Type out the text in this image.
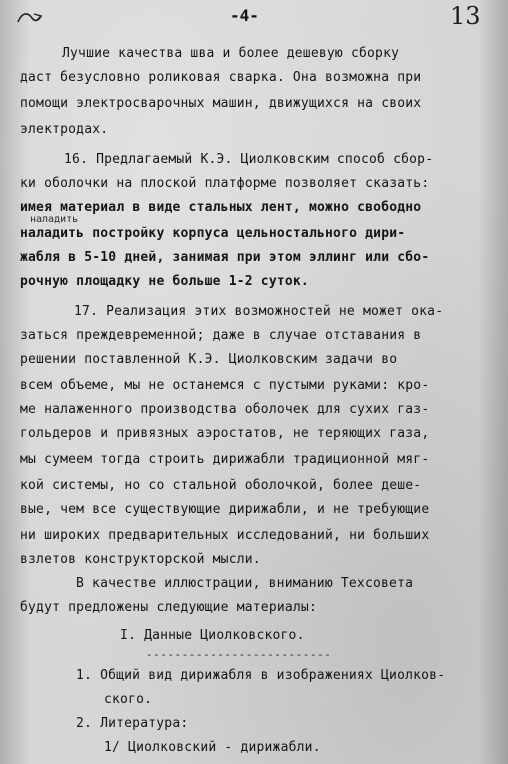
-4-	13
Лучшие качества шва и более дешевую сборку
даст безусловно роликовая сварка. Она возможна при
помощи электросварочных машин, движущихся на своих
электродах.
16. Предлагаемый К.Э. Циолковским способ сбор-
ки оболочки на плоской платформе позволяет сказать:
имея материал в виде стальных лент, можно свободно
наладить
наладить постройку корпуса цельностального дири-
жабля в 5-10 дней, занимая при этом эллинг или сбо-
рочную площадку не больше 1-2 суток.
17. Реализация этих возможностей не может ока-
заться преждевременной; даже в случае отставания в
решении поставленной К.Э. Циолковским задачи во
всем объеме, мы не останемся с пустыми руками: кро-
ме налаженного производства оболочек для сухих газ-
гольдеров и привязных аэростатов, не теряющих газа,
мы сумеем тогда строить дирижабли традиционной мяг-
кой системы, но со стальной оболочкой, более деше-
вые, чем все существующие дирижабли, и не требующие
ни широких предварительных исследований, ни больших
взлетов конструкторской мысли.
В качестве иллюстрации, вниманию Техсовета
будут предложены следующие материалы:
I. Данные Циолковского.
--------------------------
1. Общий вид дирижабля в изображениях Циолков-
ского.
2. Литература:
1/ Циолковский - дирижабли.
